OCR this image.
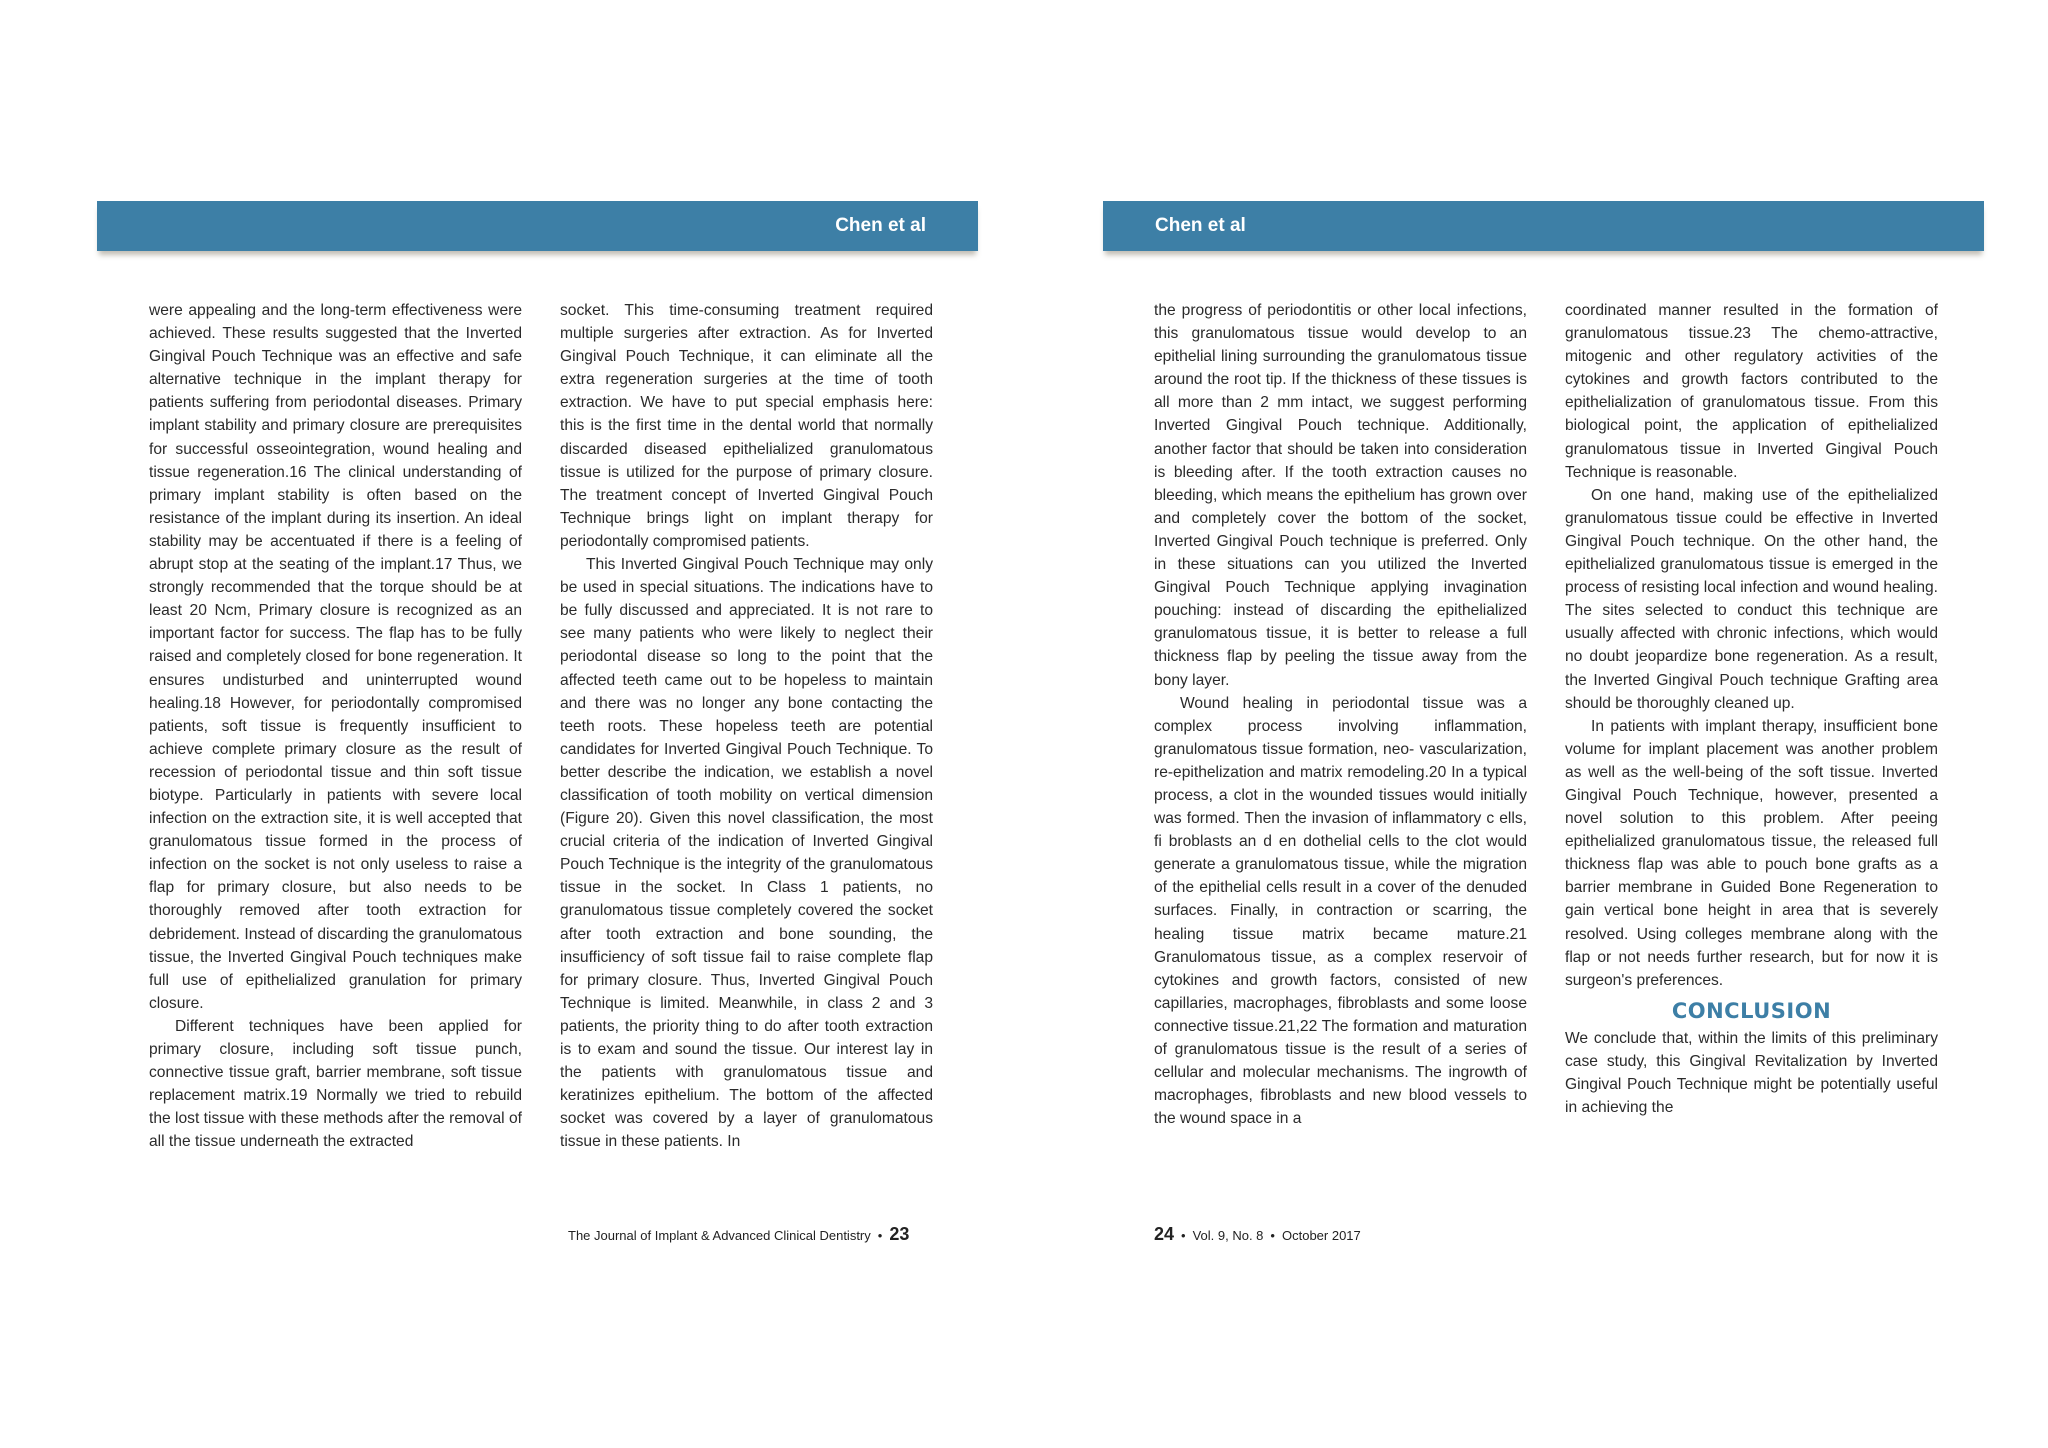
Chen et al	Chen et al

were appealing and the long-term effectiveness were achieved. These results suggested that the Inverted Gingival Pouch Technique was an effective and safe alternative technique in the implant therapy for patients suffering from periodontal diseases. Primary implant stability and primary closure are prerequisites for successful osseointegration, wound healing and tissue regeneration.16 The clinical understanding of primary implant stability is often based on the resistance of the implant during its insertion. An ideal stability may be accentuated if there is a feeling of abrupt stop at the seating of the implant.17 Thus, we strongly recommended that the torque should be at least 20 Ncm, Primary closure is recognized as an important factor for success. The flap has to be fully raised and completely closed for bone regeneration. It ensures undisturbed and uninterrupted wound healing.18 However, for periodontally compromised patients, soft tissue is frequently insufficient to achieve complete primary closure as the result of recession of periodontal tissue and thin soft tissue biotype. Particularly in patients with severe local infection on the extraction site, it is well accepted that granulomatous tissue formed in the process of infection on the socket is not only useless to raise a flap for primary closure, but also needs to be thoroughly removed after tooth extraction for debridement. Instead of discarding the granulomatous tissue, the Inverted Gingival Pouch techniques make full use of epithelialized granulation for primary closure.

Different techniques have been applied for primary closure, including soft tissue punch, connective tissue graft, barrier membrane, soft tissue replacement matrix.19 Normally we tried to rebuild the lost tissue with these methods after the removal of all the tissue underneath the extracted

socket. This time-consuming treatment required multiple surgeries after extraction. As for Inverted Gingival Pouch Technique, it can eliminate all the extra regeneration surgeries at the time of tooth extraction. We have to put special emphasis here: this is the first time in the dental world that normally discarded diseased epithelialized granulomatous tissue is utilized for the purpose of primary closure. The treatment concept of Inverted Gingival Pouch Technique brings light on implant therapy for periodontally compromised patients.

This Inverted Gingival Pouch Technique may only be used in special situations. The indications have to be fully discussed and appreciated. It is not rare to see many patients who were likely to neglect their periodontal disease so long to the point that the affected teeth came out to be hopeless to maintain and there was no longer any bone contacting the teeth roots. These hopeless teeth are potential candidates for Inverted Gingival Pouch Technique. To better describe the indication, we establish a novel classification of tooth mobility on vertical dimension (Figure 20). Given this novel classification, the most crucial criteria of the indication of Inverted Gingival Pouch Technique is the integrity of the granulomatous tissue in the socket. In Class 1 patients, no granulomatous tissue completely covered the socket after tooth extraction and bone sounding, the insufficiency of soft tissue fail to raise complete flap for primary closure. Thus, Inverted Gingival Pouch Technique is limited. Meanwhile, in class 2 and 3 patients, the priority thing to do after tooth extraction is to exam and sound the tissue. Our interest lay in the patients with granulomatous tissue and keratinizes epithelium. The bottom of the affected socket was covered by a layer of granulomatous tissue in these patients. In

the progress of periodontitis or other local infections, this granulomatous tissue would develop to an epithelial lining surrounding the granulomatous tissue around the root tip. If the thickness of these tissues is all more than 2 mm intact, we suggest performing Inverted Gingival Pouch technique. Additionally, another factor that should be taken into consideration is bleeding after. If the tooth extraction causes no bleeding, which means the epithelium has grown over and completely cover the bottom of the socket, Inverted Gingival Pouch technique is preferred. Only in these situations can you utilized the Inverted Gingival Pouch Technique applying invagination pouching: instead of discarding the epithelialized granulomatous tissue, it is better to release a full thickness flap by peeling the tissue away from the bony layer.

Wound healing in periodontal tissue was a complex process involving inflammation, granulomatous tissue formation, neo- vascularization, re-epithelization and matrix remodeling.20 In a typical process, a clot in the wounded tissues would initially was formed. Then the invasion of inflammatory c ells, fi broblasts an d en dothelial cells to the clot would generate a granulomatous tissue, while the migration of the epithelial cells result in a cover of the denuded surfaces. Finally, in contraction or scarring, the healing tissue matrix became mature.21 Granulomatous tissue, as a complex reservoir of cytokines and growth factors, consisted of new capillaries, macrophages, fibroblasts and some loose connective tissue.21,22 The formation and maturation of granulomatous tissue is the result of a series of cellular and molecular mechanisms. The ingrowth of macrophages, fibroblasts and new blood vessels to the wound space in a

coordinated manner resulted in the formation of granulomatous tissue.23 The chemo-attractive, mitogenic and other regulatory activities of the cytokines and growth factors contributed to the epithelialization of granulomatous tissue. From this biological point, the application of epithelialized granulomatous tissue in Inverted Gingival Pouch Technique is reasonable.

On one hand, making use of the epithelialized granulomatous tissue could be effective in Inverted Gingival Pouch technique. On the other hand, the epithelialized granulomatous tissue is emerged in the process of resisting local infection and wound healing. The sites selected to conduct this technique are usually affected with chronic infections, which would no doubt jeopardize bone regeneration. As a result, the Inverted Gingival Pouch technique Grafting area should be thoroughly cleaned up.

In patients with implant therapy, insufficient bone volume for implant placement was another problem as well as the well-being of the soft tissue. Inverted Gingival Pouch Technique, however, presented a novel solution to this problem. After peeing epithelialized granulomatous tissue, the released full thickness flap was able to pouch bone grafts as a barrier membrane in Guided Bone Regeneration to gain vertical bone height in area that is severely resolved. Using colleges membrane along with the flap or not needs further research, but for now it is surgeon's preferences.

CONCLUSION

We conclude that, within the limits of this preliminary case study, this Gingival Revitalization by Inverted Gingival Pouch Technique might be potentially useful in achieving the

The Journal of Implant & Advanced Clinical Dentistry • 23	24 • Vol. 9, No. 8 • October 2017
